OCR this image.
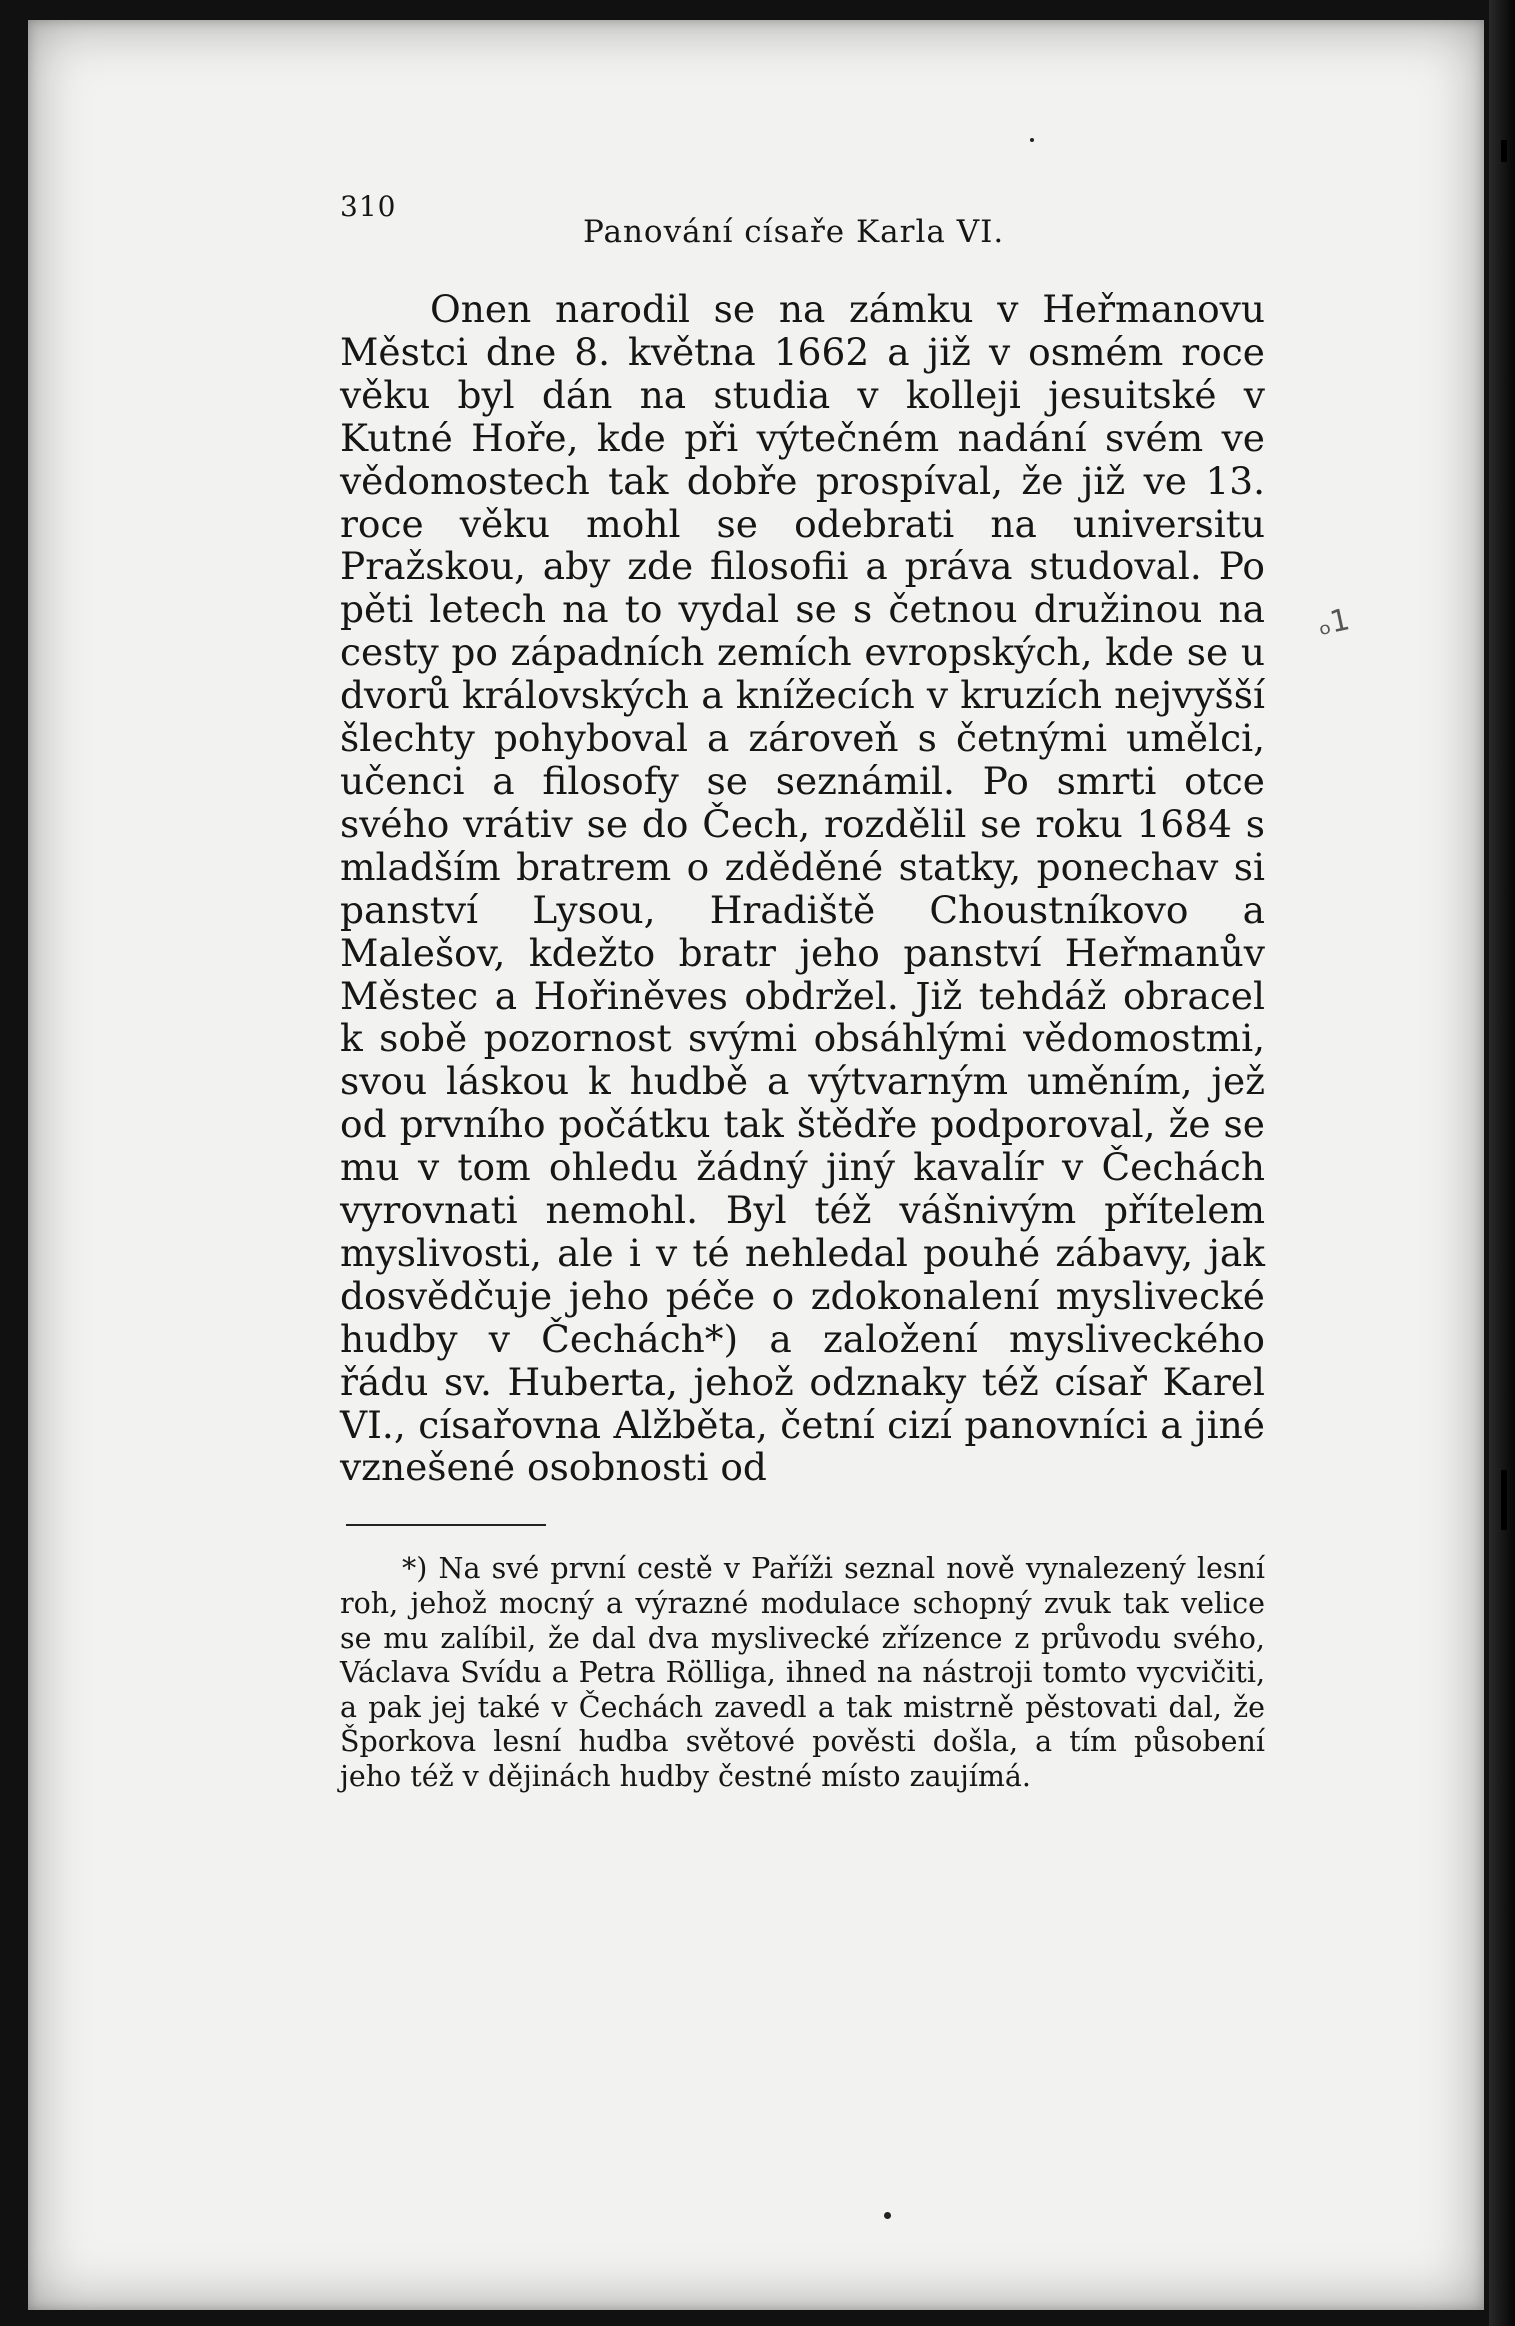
ₒ1
310
Panování císaře Karla VI.

Onen narodil se na zámku v Heřmanovu Městci dne 8. května 1662 a již v osmém roce věku byl dán na studia v kolleji jesuitské v Kutné Hoře, kde při výtečném nadání svém ve vědomostech tak dobře prospíval, že již ve 13. roce věku mohl se odebrati na universitu Pražskou, aby zde filosofii a práva studoval. Po pěti letech na to vydal se s četnou družinou na cesty po západních zemích evropských, kde se u dvorů královských a knížecích v kruzích nejvyšší šlechty pohyboval a zároveň s četnými umělci, učenci a filosofy se seznámil. Po smrti otce svého vrátiv se do Čech, rozdělil se roku 1684 s mladším bratrem o zděděné statky, ponechav si panství Lysou, Hradiště Choustníkovo a Malešov, kdežto bratr jeho panství Heřmanův Městec a Hořiněves obdržel. Již tehdáž obracel k sobě pozornost svými obsáhlými vědomostmi, svou láskou k hudbě a výtvarným uměním, jež od prvního počátku tak štědře podporoval, že se mu v tom ohledu žádný jiný kavalír v Čechách vyrovnati nemohl. Byl též vášnivým přítelem myslivosti, ale i v té nehledal pouhé zábavy, jak dosvědčuje jeho péče o zdokonalení myslivecké hudby v Čechách*) a založení mysliveckého řádu sv. Huberta, jehož odznaky též císař Karel VI., císařovna Alžběta, četní cizí panovníci a jiné vznešené osobnosti od

*) Na své první cestě v Paříži seznal nově vynalezený lesní roh, jehož mocný a výrazné modulace schopný zvuk tak velice se mu zalíbil, že dal dva myslivecké zřízence z průvodu svého, Václava Svídu a Petra Rölliga, ihned na nástroji tomto vycvičiti, a pak jej také v Čechách zavedl a tak mistrně pěstovati dal, že Šporkova lesní hudba světové pověsti došla, a tím působení jeho též v dějinách hudby čestné místo zaujímá.
